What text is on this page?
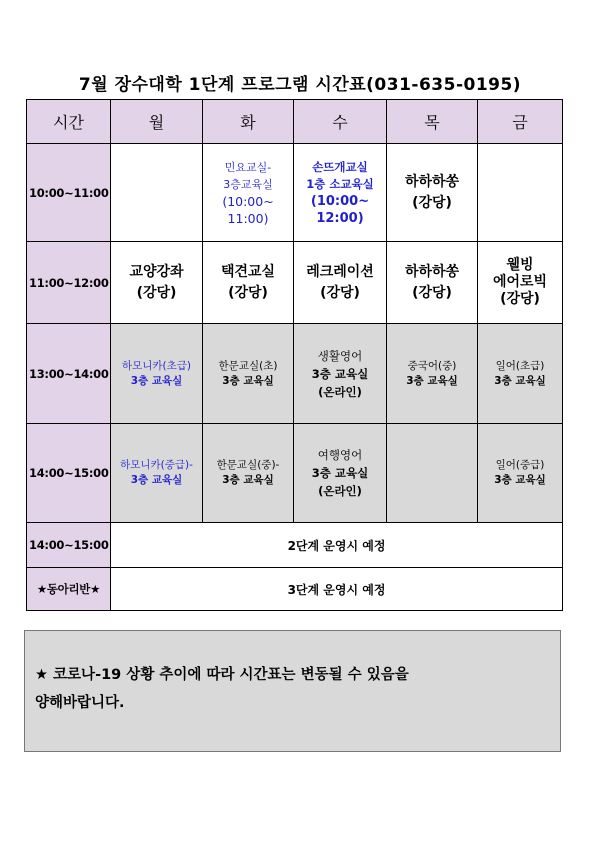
7월 장수대학 1단계 프로그램 시간표(031-635-0195)
시간	월	화	수	목	금
10:00~11:00		민요교실-
3층교육실
(10:00~
11:00)	손뜨개교실
1층 소교육실
(10:00~
12:00)	하하하쏭
(강당)	

11:00~12:00	교양강좌
(강당)	택견교실
(강당)	레크레이션
(강당)	하하하쏭
(강당)	웰빙
에어로빅
(강당)

13:00~14:00	하모니카(초급)
3층 교육실	한문교실(초)
3층 교육실	생활영어
3층 교육실
(온라인)	중국어(중)
3층 교육실	일어(초급)
3층 교육실

14:00~15:00	하모니카(중급)-
3층 교육실	한문교실(중)-
3층 교육실	여행영어
3층 교육실
(온라인)		일어(중급)
3층 교육실

14:00~15:00	2단계 운영시 예정				
★동아리반★	3단계 운영시 예정				
★ 코로나-19 상황 추이에 따라 시간표는 변동될 수 있음을
양해바랍니다.
